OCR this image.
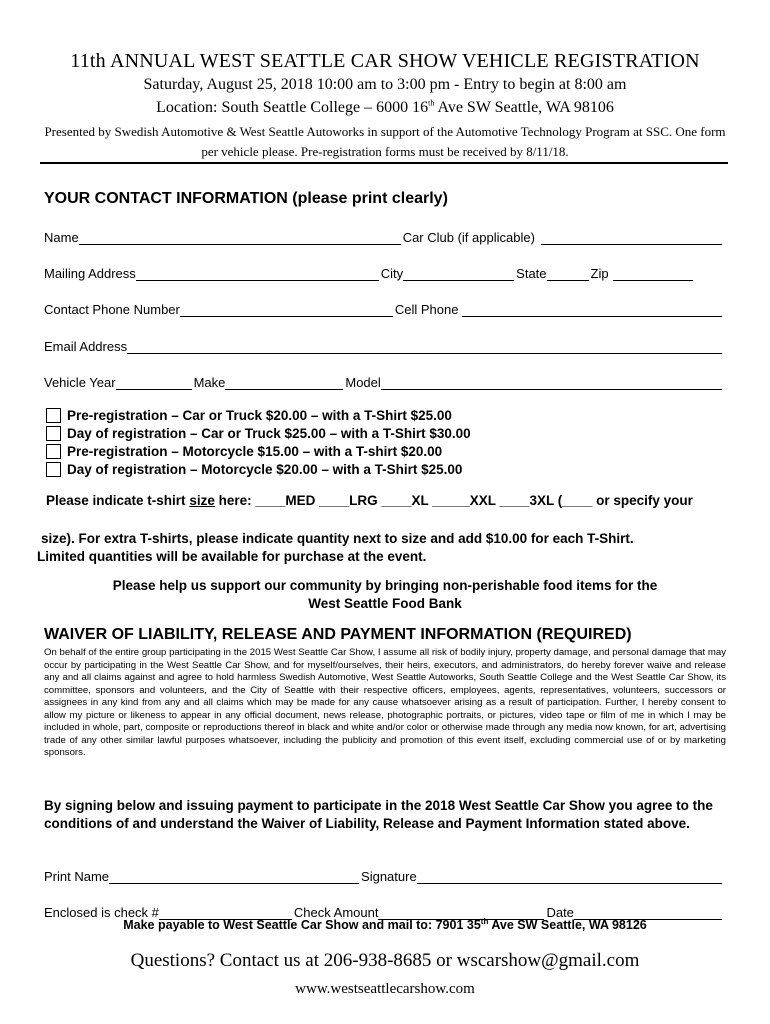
11th ANNUAL WEST SEATTLE CAR SHOW VEHICLE REGISTRATION
Saturday, August 25, 2018 10:00 am to 3:00 pm - Entry to begin at 8:00 am
Location: South Seattle College – 6000 16th Ave SW Seattle, WA 98106
Presented by Swedish Automotive & West Seattle Autoworks in support of the Automotive Technology Program at SSC. One form per vehicle please. Pre-registration forms must be received by 8/11/18.
YOUR CONTACT INFORMATION (please print clearly)
Name	Car Club (if applicable)
Mailing Address	City	State	Zip
Contact Phone Number	Cell Phone
Email Address
Vehicle Year	Make	Model
Pre-registration – Car or Truck $20.00 – with a T-Shirt $25.00
Day of registration – Car or Truck $25.00 – with a T-Shirt $30.00
Pre-registration – Motorcycle $15.00 – with a T-shirt $20.00
Day of registration – Motorcycle $20.00 – with a T-Shirt $25.00
Please indicate t-shirt size here: ____MED ____LRG ____XL _____XXL ____3XL (____ or specify your
size). For extra T-shirts, please indicate quantity next to size and add $10.00 for each T-Shirt.
Limited quantities will be available for purchase at the event.
Please help us support our community by bringing non-perishable food items for the
West Seattle Food Bank
WAIVER OF LIABILITY, RELEASE AND PAYMENT INFORMATION (REQUIRED)
On behalf of the entire group participating in the 2015 West Seattle Car Show, I assume all risk of bodily injury, property damage, and personal damage that may occur by participating in the West Seattle Car Show, and for myself/ourselves, their heirs, executors, and administrators, do hereby forever waive and release any and all claims against and agree to hold harmless Swedish Automotive, West Seattle Autoworks, South Seattle College and the West Seattle Car Show, its committee, sponsors and volunteers, and the City of Seattle with their respective officers, employees, agents, representatives, volunteers, successors or assignees in any kind from any and all claims which may be made for any cause whatsoever arising as a result of participation. Further, I hereby consent to allow my picture or likeness to appear in any official document, news release, photographic portraits, or pictures, video tape or film of me in which I may be included in whole, part, composite or reproductions thereof in black and white and/or color or otherwise made through any media now known, for art, advertising trade of any other similar lawful purposes whatsoever, including the publicity and promotion of this event itself, excluding commercial use of or by marketing sponsors.
By signing below and issuing payment to participate in the 2018 West Seattle Car Show you agree to the conditions of and understand the Waiver of Liability, Release and Payment Information stated above.
Print Name	Signature
Enclosed is check #	Check Amount	Date
Make payable to West Seattle Car Show and mail to: 7901 35th Ave SW Seattle, WA 98126
Questions? Contact us at 206-938-8685 or wscarshow@gmail.com
www.westseattlecarshow.com
